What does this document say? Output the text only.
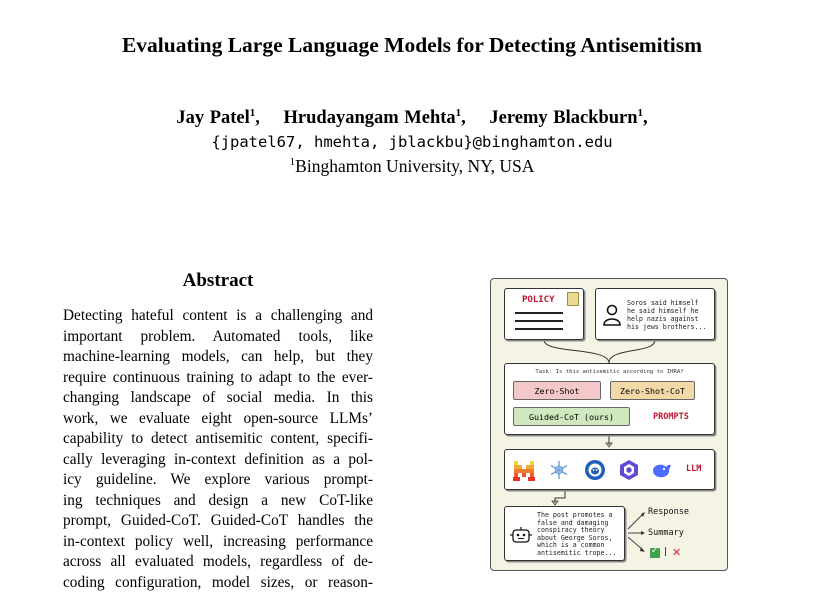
Evaluating Large Language Models for Detecting Antisemitism
Jay Patel$^1$, Hrudayangam Mehta$^1$, Jeremy Blackburn$^1$,
{jpatel67, hmehta, jblackbu}@binghamton.edu
$^1$Binghamton University, NY, USA
Abstract
Detecting hateful content is a challenging and
important problem. Automated tools, like
machine-learning models, can help, but they
require continuous training to adapt to the ever-
changing landscape of social media. In this
work, we evaluate eight open-source LLMs’
capability to detect antisemitic content, specifi-
cally leveraging in-context definition as a pol-
icy guideline. We explore various prompt-
ing techniques and design a new CoT-like
prompt, Guided-CoT. Guided-CoT handles the
in-context policy well, increasing performance
across all evaluated models, regardless of de-
coding configuration, model sizes, or reason-
POLICY	Soros said himself
he said himself he
help nazis against
his jews brothers...
Task: Is this antisemitic according to IHRA?
Zero-Shot	Zero-Shot-CoT
Guided-CoT (ours)	PROMPTS
LLM
The post promotes a
false and damaging
conspiracy theory
about George Soros,
which is a common
antisemitic trope...
Response
Summary
✓ | ✕
